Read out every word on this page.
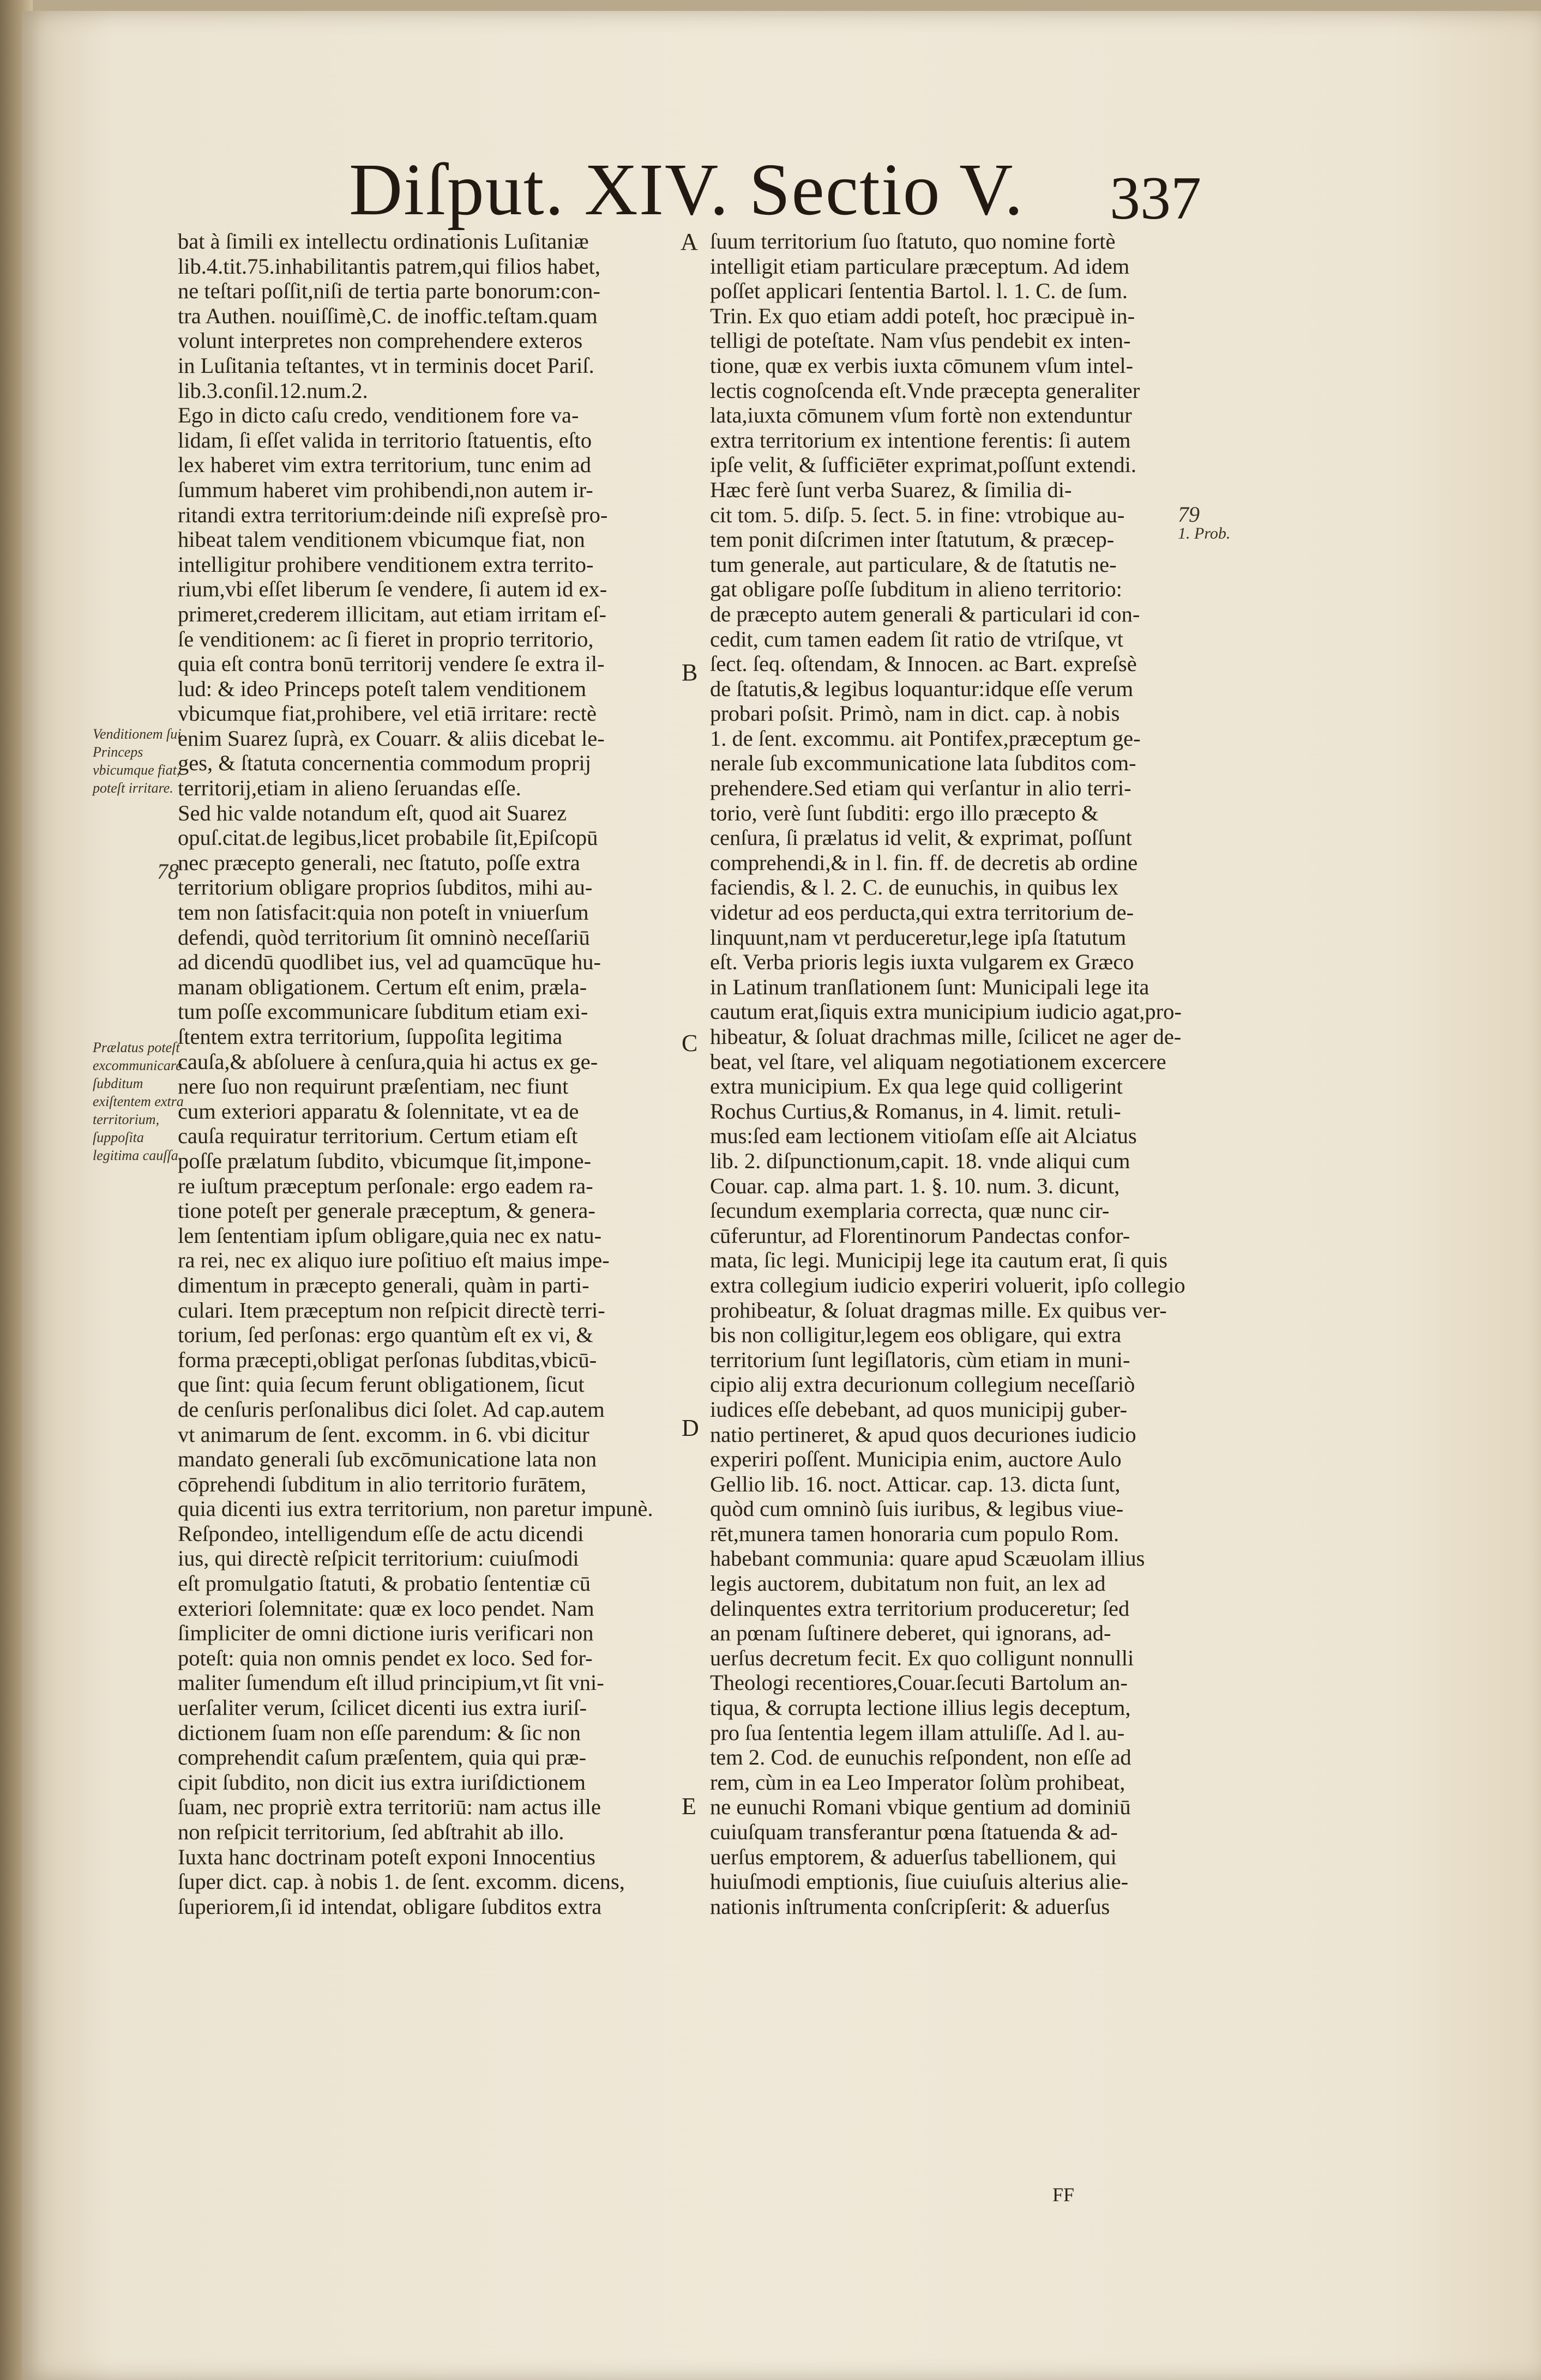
Diſput. XIV. Sectio V.	337
bat à ſimili ex intellectu ordinationis Luſitaniæ
lib.4.tit.75.inhabilitantis patrem,qui filios habet,
ne teſtari poſſit,niſi de tertia parte bonorum:con-
tra Authen. nouiſſimè,C. de inoffic.teſtam.quam
volunt interpretes non comprehendere exteros
in Luſitania teſtantes, vt in terminis docet Pariſ.
lib.3.conſil.12.num.2.
Ego in dicto caſu credo, venditionem fore va-
lidam, ſi eſſet valida in territorio ſtatuentis, eſto
lex haberet vim extra territorium, tunc enim ad
ſummum haberet vim prohibendi,non autem ir-
ritandi extra territorium:deinde niſi expreſsè pro-
hibeat talem venditionem vbicumque fiat, non
intelligitur prohibere venditionem extra territo-
rium,vbi eſſet liberum ſe vendere, ſi autem id ex-
primeret,crederem illicitam, aut etiam irritam eſ-
ſe venditionem: ac ſi fieret in proprio territorio,
quia eſt contra bonū territorij vendere ſe extra il-
lud: & ideo Princeps poteſt talem venditionem
vbicumque fiat,prohibere, vel etiā irritare: rectè
enim Suarez ſuprà, ex Couarr. & aliis dicebat le-
ges, & ſtatuta concernentia commodum proprij
territorij,etiam in alieno ſeruandas eſſe.
Sed hic valde notandum eſt, quod ait Suarez
opuſ.citat.de legibus,licet probabile ſit,Epiſcopū
nec præcepto generali, nec ſtatuto, poſſe extra
territorium obligare proprios ſubditos, mihi au-
tem non ſatisfacit:quia non poteſt in vniuerſum
defendi, quòd territorium ſit omninò neceſſariū
ad dicendū quodlibet ius, vel ad quamcūque hu-
manam obligationem. Certum eſt enim, præla-
tum poſſe excommunicare ſubditum etiam exi-
ſtentem extra territorium, ſuppoſita legitima
cauſa,& abſoluere à cenſura,quia hi actus ex ge-
nere ſuo non requirunt præſentiam, nec fiunt
cum exteriori apparatu & ſolennitate, vt ea de
cauſa requiratur territorium. Certum etiam eſt
poſſe prælatum ſubdito, vbicumque ſit,impone-
re iuſtum præceptum perſonale: ergo eadem ra-
tione poteſt per generale præceptum, & genera-
lem ſententiam ipſum obligare,quia nec ex natu-
ra rei, nec ex aliquo iure poſitiuo eſt maius impe-
dimentum in præcepto generali, quàm in parti-
culari. Item præceptum non reſpicit directè terri-
torium, ſed perſonas: ergo quantùm eſt ex vi, &
forma præcepti,obligat perſonas ſubditas,vbicū-
que ſint: quia ſecum ferunt obligationem, ſicut
de cenſuris perſonalibus dici ſolet. Ad cap.autem
vt animarum de ſent. excomm. in 6. vbi dicitur
mandato generali ſub excōmunicatione lata non
cōprehendi ſubditum in alio territorio furātem,
quia dicenti ius extra territorium, non paretur impunè.
Reſpondeo, intelligendum eſſe de actu dicendi
ius, qui directè reſpicit territorium: cuiuſmodi
eſt promulgatio ſtatuti, & probatio ſententiæ cū
exteriori ſolemnitate: quæ ex loco pendet. Nam
ſimpliciter de omni dictione iuris verificari non
poteſt: quia non omnis pendet ex loco. Sed for-
maliter ſumendum eſt illud principium,vt ſit vni-
uerſaliter verum, ſcilicet dicenti ius extra iuriſ-
dictionem ſuam non eſſe parendum: & ſic non
comprehendit caſum præſentem, quia qui præ-
cipit ſubdito, non dicit ius extra iuriſdictionem
ſuam, nec propriè extra territoriū: nam actus ille
non reſpicit territorium, ſed abſtrahit ab illo.
Iuxta hanc doctrinam poteſt exponi Innocentius
ſuper dict. cap. à nobis 1. de ſent. excomm. dicens,
ſuperiorem,ſi id intendat, obligare ſubditos extra
ſuum territorium ſuo ſtatuto, quo nomine fortè
intelligit etiam particulare præceptum. Ad idem
poſſet applicari ſententia Bartol. l. 1. C. de ſum.
Trin. Ex quo etiam addi poteſt, hoc præcipuè in-
telligi de poteſtate. Nam vſus pendebit ex inten-
tione, quæ ex verbis iuxta cōmunem vſum intel-
lectis cognoſcenda eſt.Vnde præcepta generaliter
lata,iuxta cōmunem vſum fortè non extenduntur
extra territorium ex intentione ferentis: ſi autem
ipſe velit, & ſufficiēter exprimat,poſſunt extendi.
Hæc ferè ſunt verba Suarez, & ſimilia di-
cit tom. 5. diſp. 5. ſect. 5. in fine: vtrobique au-
tem ponit diſcrimen inter ſtatutum, & præcep-
tum generale, aut particulare, & de ſtatutis ne-
gat obligare poſſe ſubditum in alieno territorio:
de præcepto autem generali & particulari id con-
cedit, cum tamen eadem ſit ratio de vtriſque, vt
ſect. ſeq. oſtendam, & Innocen. ac Bart. expreſsè
de ſtatutis,& legibus loquantur:idque eſſe verum
probari poſsit. Primò, nam in dict. cap. à nobis
1. de ſent. excommu. ait Pontifex,præceptum ge-
nerale ſub excommunicatione lata ſubditos com-
prehendere.Sed etiam qui verſantur in alio terri-
torio, verè ſunt ſubditi: ergo illo præcepto &
cenſura, ſi prælatus id velit, & exprimat, poſſunt
comprehendi,& in l. fin. ff. de decretis ab ordine
faciendis, & l. 2. C. de eunuchis, in quibus lex
videtur ad eos perducta,qui extra territorium de-
linquunt,nam vt perduceretur,lege ipſa ſtatutum
eſt. Verba prioris legis iuxta vulgarem ex Græco
in Latinum tranſlationem ſunt: Municipali lege ita
cautum erat,ſiquis extra municipium iudicio agat,pro-
hibeatur, & ſoluat drachmas mille, ſcilicet ne ager de-
beat, vel ſtare, vel aliquam negotiationem excercere
extra municipium. Ex qua lege quid colligerint
Rochus Curtius,& Romanus, in 4. limit. retuli-
mus:ſed eam lectionem vitioſam eſſe ait Alciatus
lib. 2. diſpunctionum,capit. 18. vnde aliqui cum
Couar. cap. alma part. 1. §. 10. num. 3. dicunt,
ſecundum exemplaria correcta, quæ nunc cir-
cūferuntur, ad Florentinorum Pandectas confor-
mata, ſic legi. Municipij lege ita cautum erat, ſi quis
extra collegium iudicio experiri voluerit, ipſo collegio
prohibeatur, & ſoluat dragmas mille. Ex quibus ver-
bis non colligitur,legem eos obligare, qui extra
territorium ſunt legiſlatoris, cùm etiam in muni-
cipio alij extra decurionum collegium neceſſariò
iudices eſſe debebant, ad quos municipij guber-
natio pertineret, & apud quos decuriones iudicio
experiri poſſent. Municipia enim, auctore Aulo
Gellio lib. 16. noct. Atticar. cap. 13. dicta ſunt,
quòd cum omninò ſuis iuribus, & legibus viue-
rēt,munera tamen honoraria cum populo Rom.
habebant communia: quare apud Scæuolam illius
legis auctorem, dubitatum non fuit, an lex ad
delinquentes extra territorium produceretur; ſed
an pœnam ſuſtinere deberet, qui ignorans, ad-
uerſus decretum fecit. Ex quo colligunt nonnulli
Theologi recentiores,Couar.ſecuti Bartolum an-
tiqua, & corrupta lectione illius legis deceptum,
pro ſua ſententia legem illam attuliſſe. Ad l. au-
tem 2. Cod. de eunuchis reſpondent, non eſſe ad
rem, cùm in ea Leo Imperator ſolùm prohibeat,
ne eunuchi Romani vbique gentium ad dominiū
cuiuſquam transferantur pœna ſtatuenda & ad-
uerſus emptorem, & aduerſus tabellionem, qui
huiuſmodi emptionis, ſiue cuiuſuis alterius alie-
nationis inſtrumenta conſcripſerit: & aduerſus
Venditionem ſui Princeps vbicumque fiat, poteſt irritare.
Prælatus poteſt excommunicare ſubditum exiſtentem extra territorium, ſuppoſita legitima cauſſa.
78
79
1. Prob.
A
B
C
D
E
FF
